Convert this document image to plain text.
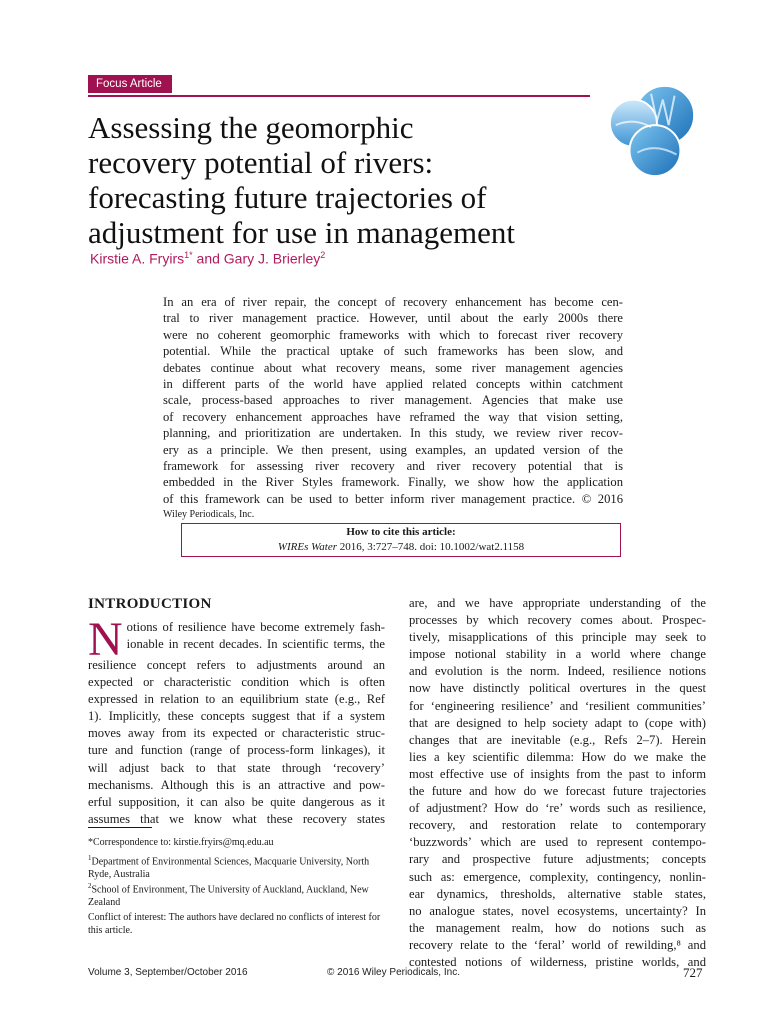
Focus Article
Assessing the geomorphic
recovery potential of rivers:
forecasting future trajectories of
adjustment for use in management
Kirstie A. Fryirs$^{1*}$ and Gary J. Brierley$^2$
In an era of river repair, the concept of recovery enhancement has become cen-
tral to river management practice. However, until about the early 2000s there
were no coherent geomorphic frameworks with which to forecast river recovery
potential. While the practical uptake of such frameworks has been slow, and
debates continue about what recovery means, some river management agencies
in different parts of the world have applied related concepts within catchment
scale, process-based approaches to river management. Agencies that make use
of recovery enhancement approaches have reframed the way that vision setting,
planning, and prioritization are undertaken. In this study, we review river recov-
ery as a principle. We then present, using examples, an updated version of the
framework for assessing river recovery and river recovery potential that is
embedded in the River Styles framework. Finally, we show how the application
of this framework can be used to better inform river management practice. © 2016
Wiley Periodicals, Inc.
How to cite this article:
WIREs Water 2016, 3:727–748. doi: 10.1002/wat2.1158
INTRODUCTION
N otions of resilience have become extremely fash-
ionable in recent decades. In scientific terms, the
resilience concept refers to adjustments around an
expected or characteristic condition which is often
expressed in relation to an equilibrium state (e.g., Ref
1). Implicitly, these concepts suggest that if a system
moves away from its expected or characteristic struc-
ture and function (range of process-form linkages), it
will adjust back to that state through ‘recovery’
mechanisms. Although this is an attractive and pow-
erful supposition, it can also be quite dangerous as it
assumes that we know what these recovery states
*Correspondence to: kirstie.fryirs@mq.edu.au
$^1$Department of Environmental Sciences, Macquarie University, North Ryde, Australia
$^2$School of Environment, The University of Auckland, Auckland, New Zealand
Conflict of interest: The authors have declared no conflicts of interest for this article.
are, and we have appropriate understanding of the
processes by which recovery comes about. Prospec-
tively, misapplications of this principle may seek to
impose notional stability in a world where change
and evolution is the norm. Indeed, resilience notions
now have distinctly political overtures in the quest
for ‘engineering resilience’ and ‘resilient communities’
that are designed to help society adapt to (cope with)
changes that are inevitable (e.g., Refs 2–7). Herein
lies a key scientific dilemma: How do we make the
most effective use of insights from the past to inform
the future and how do we forecast future trajectories
of adjustment? How do ‘re’ words such as resilience,
recovery, and restoration relate to contemporary
‘buzzwords’ which are used to represent contempo-
rary and prospective future adjustments; concepts
such as: emergence, complexity, contingency, nonlin-
ear dynamics, thresholds, alternative stable states,
no analogue states, novel ecosystems, uncertainty? In
the management realm, how do notions such as
recovery relate to the ‘feral’ world of rewilding,⁸ and
contested notions of wilderness, pristine worlds, and
Volume 3, September/October 2016	© 2016 Wiley Periodicals, Inc.	727
